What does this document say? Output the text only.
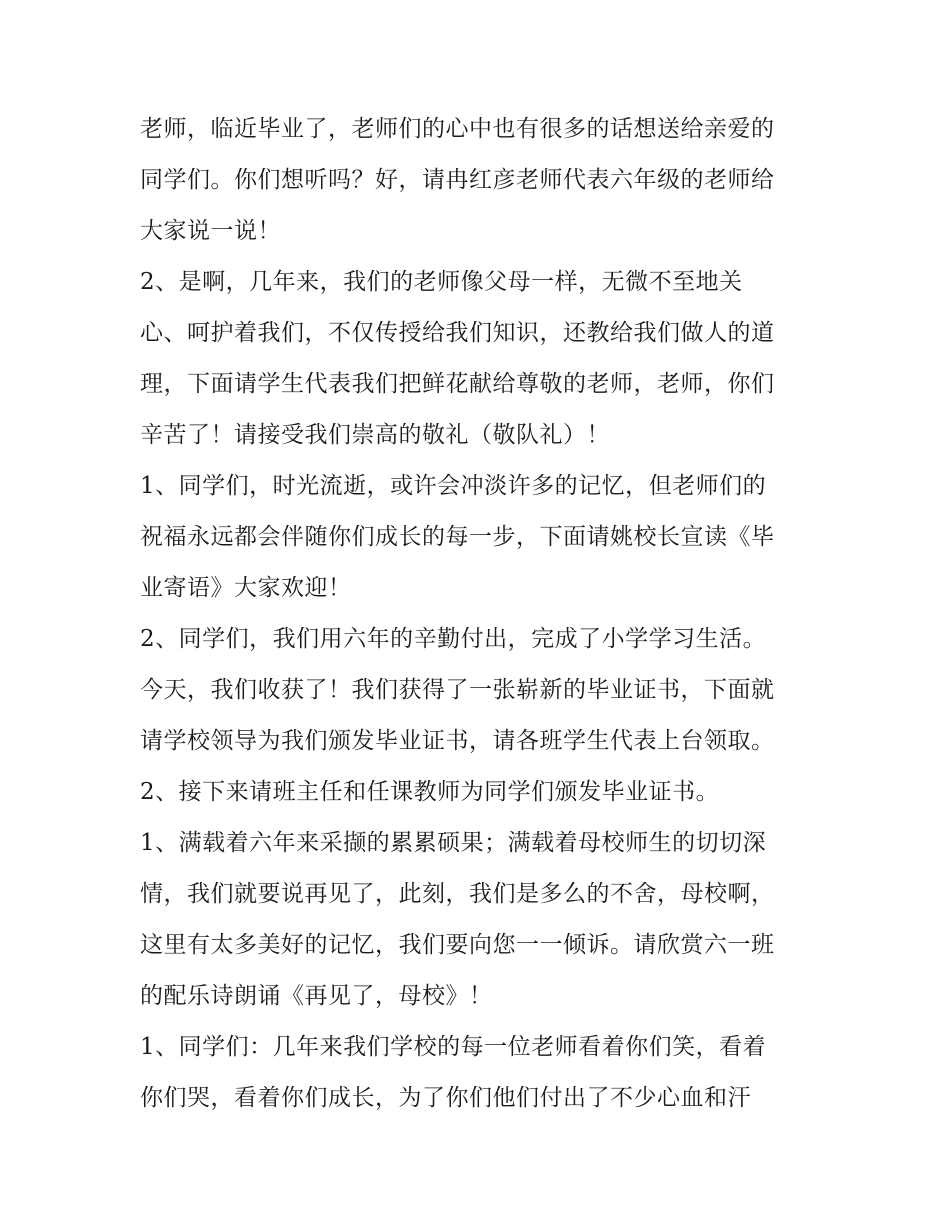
老师，临近毕业了，老师们的心中也有很多的话想送给亲爱的
同学们。你们想听吗？好，请冉红彦老师代表六年级的老师给
大家说一说！
2、是啊，几年来，我们的老师像父母一样，无微不至地关
心、呵护着我们，不仅传授给我们知识，还教给我们做人的道
理，下面请学生代表我们把鲜花献给尊敬的老师，老师，你们
辛苦了！请接受我们崇高的敬礼（敬队礼）！
1、同学们，时光流逝，或许会冲淡许多的记忆，但老师们的
祝福永远都会伴随你们成长的每一步，下面请姚校长宣读《毕
业寄语》大家欢迎！
2、同学们，我们用六年的辛勤付出，完成了小学学习生活。
今天，我们收获了！我们获得了一张崭新的毕业证书，下面就
请学校领导为我们颁发毕业证书，请各班学生代表上台领取。
2、接下来请班主任和任课教师为同学们颁发毕业证书。
1、满载着六年来采撷的累累硕果；满载着母校师生的切切深
情，我们就要说再见了，此刻，我们是多么的不舍，母校啊，
这里有太多美好的记忆，我们要向您一一倾诉。请欣赏六一班
的配乐诗朗诵《再见了，母校》！
1、同学们：几年来我们学校的每一位老师看着你们笑，看着
你们哭，看着你们成长，为了你们他们付出了不少心血和汗
